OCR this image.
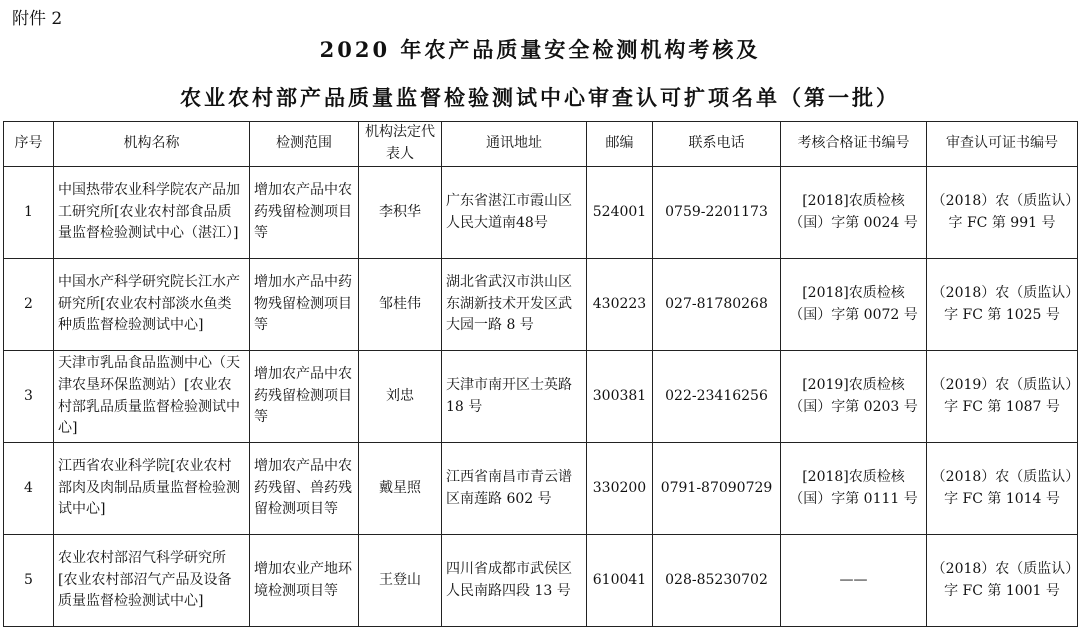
附件 2
2020 年农产品质量安全检测机构考核及
农业农村部产品质量监督检验测试中心审查认可扩项名单（第一批）
序号	机构名称	检测范围	机构法定代表人	通讯地址	邮编	联系电话	考核合格证书编号	审查认可证书编号
1	中国热带农业科学院农产品加工研究所[农业农村部食品质量监督检验测试中心（湛江）]	增加农产品中农药残留检测项目等	李积华	广东省湛江市霞山区人民大道南48号	524001	0759-2201173	[2018]农质检核（国）字第 0024 号	（2018）农（质监认）字 FC 第 991 号
2	中国水产科学研究院长江水产研究所[农业农村部淡水鱼类种质监督检验测试中心]	增加水产品中药物残留检测项目等	邹桂伟	湖北省武汉市洪山区东湖新技术开发区武大园一路 8 号	430223	027-81780268	[2018]农质检核（国）字第 0072 号	（2018）农（质监认）字 FC 第 1025 号
3	天津市乳品食品监测中心（天津农垦环保监测站）[农业农村部乳品质量监督检验测试中心]	增加农产品中农药残留检测项目等	刘忠	天津市南开区士英路 18 号	300381	022-23416256	[2019]农质检核（国）字第 0203 号	（2019）农（质监认）字 FC 第 1087 号
4	江西省农业科学院[农业农村部肉及肉制品质量监督检验测试中心]	增加农产品中农药残留、兽药残留检测项目等	戴星照	江西省南昌市青云谱区南莲路 602 号	330200	0791-87090729	[2018]农质检核（国）字第 0111 号	（2018）农（质监认）字 FC 第 1014 号
5	农业农村部沼气科学研究所[农业农村部沼气产品及设备质量监督检验测试中心]	增加农业产地环境检测项目等	王登山	四川省成都市武侯区人民南路四段 13 号	610041	028-85230702	——	（2018）农（质监认）字 FC 第 1001 号
